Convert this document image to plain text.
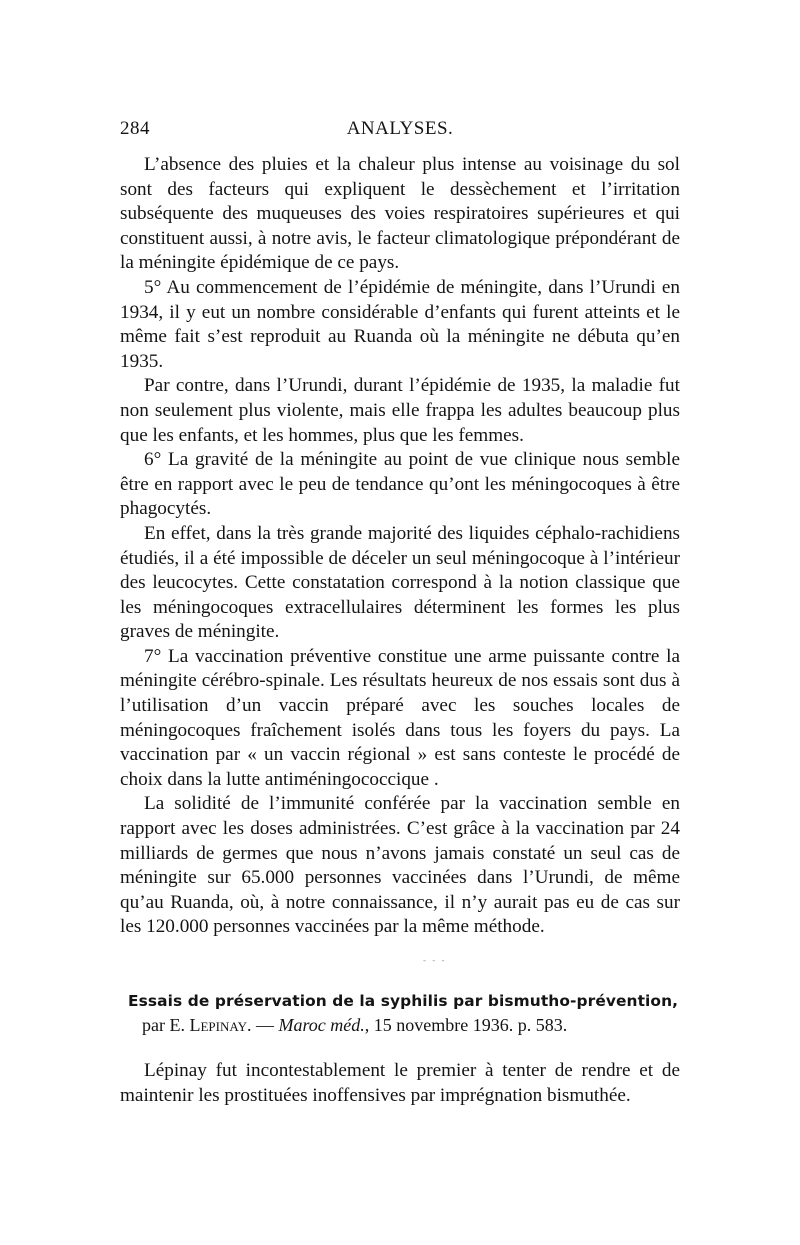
284	ANALYSES.

L’absence des pluies et la chaleur plus intense au voisinage du sol sont des facteurs qui expliquent le dessèchement et l’irritation subséquente des muqueuses des voies respiratoires supérieures et qui constituent aussi, à notre avis, le facteur climatologique prépondérant de la méningite épidémique de ce pays.

5° Au commencement de l’épidémie de méningite, dans l’Urundi en 1934, il y eut un nombre considérable d’enfants qui furent atteints et le même fait s’est reproduit au Ruanda où la méningite ne débuta qu’en 1935.

Par contre, dans l’Urundi, durant l’épidémie de 1935, la maladie fut non seulement plus violente, mais elle frappa les adultes beaucoup plus que les enfants, et les hommes, plus que les femmes.

6° La gravité de la méningite au point de vue clinique nous semble être en rapport avec le peu de tendance qu’ont les méningocoques à être phagocytés.

En effet, dans la très grande majorité des liquides céphalo-rachidiens étudiés, il a été impossible de déceler un seul méningocoque à l’intérieur des leucocytes. Cette constatation correspond à la notion classique que les méningocoques extracellulaires déterminent les formes les plus graves de méningite.

7° La vaccination préventive constitue une arme puissante contre la méningite cérébro-spinale. Les résultats heureux de nos essais sont dus à l’utilisation d’un vaccin préparé avec les souches locales de méningocoques fraîchement isolés dans tous les foyers du pays. La vaccination par « un vaccin régional » est sans conteste le procédé de choix dans la lutte antiméningococcique .

La solidité de l’immunité conférée par la vaccination semble en rapport avec les doses administrées. C’est grâce à la vaccination par 24 milliards de germes que nous n’avons jamais constaté un seul cas de méningite sur 65.000 personnes vaccinées dans l’Urundi, de même qu’au Ruanda, où, à notre connaissance, il n’y aurait pas eu de cas sur les 120.000 personnes vaccinées par la même méthode.

- - -
Essais de préservation de la syphilis par bismutho-prévention,
par E. Lepinay. — Maroc méd., 15 novembre 1936. p. 583.

Lépinay fut incontestablement le premier à tenter de rendre et de maintenir les prostituées inoffensives par imprégnation bismuthée.
